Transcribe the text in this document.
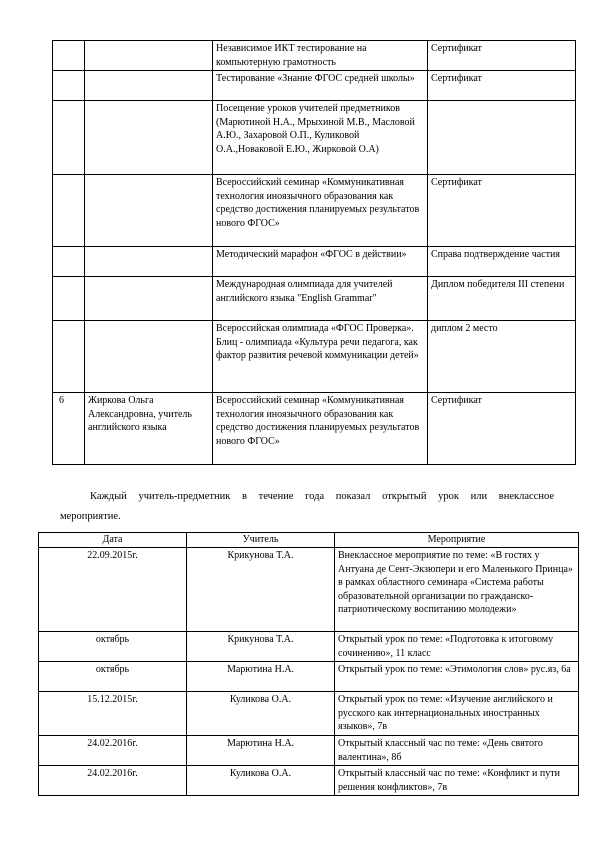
		Независимое ИКТ тестирование на компьютерную грамотность	Сертификат
		Тестирование «Знание ФГОС средней школы»	Сертификат
		Посещение уроков учителей предметников (Марютиной Н.А., Мрыхиной М.В., Масловой А.Ю., Захаровой О.П., Куликовой О.А.,Новаковой Е.Ю., Жирковой О.А)	
		Всероссийский семинар «Коммуникативная технология иноязычного образования как средство достижения планируемых результатов нового ФГОС»	Сертификат
		Методический марафон «ФГОС в действии»	Справа подтверждение частия
		Международная олимпиада для учителей английского языка "English Grammar"	Диплом победителя III степени
		Всероссийская олимпиада «ФГОС Проверка». Блиц - олимпиада «Культура речи педагога, как фактор развития речевой коммуникации детей»	диплом 2 место
6	Жиркова Ольга Александровна, учитель английского языка	Всероссийский семинар «Коммуникативная технология иноязычного образования как средство достижения планируемых результатов нового ФГОС»	Сертификат

Каждый учитель-предметник в течение года показал открытый урок или внеклассное
мероприятие.

Дата	Учитель	Мероприятие
22.09.2015г.	Крикунова Т.А.	Внеклассное мероприятие по теме: «В гостях у Антуана де Сент-Экзюпери и его Маленького Принца» в рамках областного семинара «Система работы образовательной организации по гражданско-патриотическому воспитанию молодежи»
октябрь	Крикунова Т.А.	Открытый урок по теме: «Подготовка к итоговому сочинению», 11 класс
октябрь	Марютина Н.А.	Открытый урок по теме: «Этимология слов» рус.яз, 6а
15.12.2015г.	Куликова О.А.	Открытый урок по теме: «Изучение английского и русского как интернациональных иностранных языков», 7в
24.02.2016г.	Марютина Н.А.	Открытый классный час по теме: «День святого валентина», 8б
24.02.2016г.	Куликова О.А.	Открытый классный час по теме: «Конфликт и пути решения конфликтов», 7в
